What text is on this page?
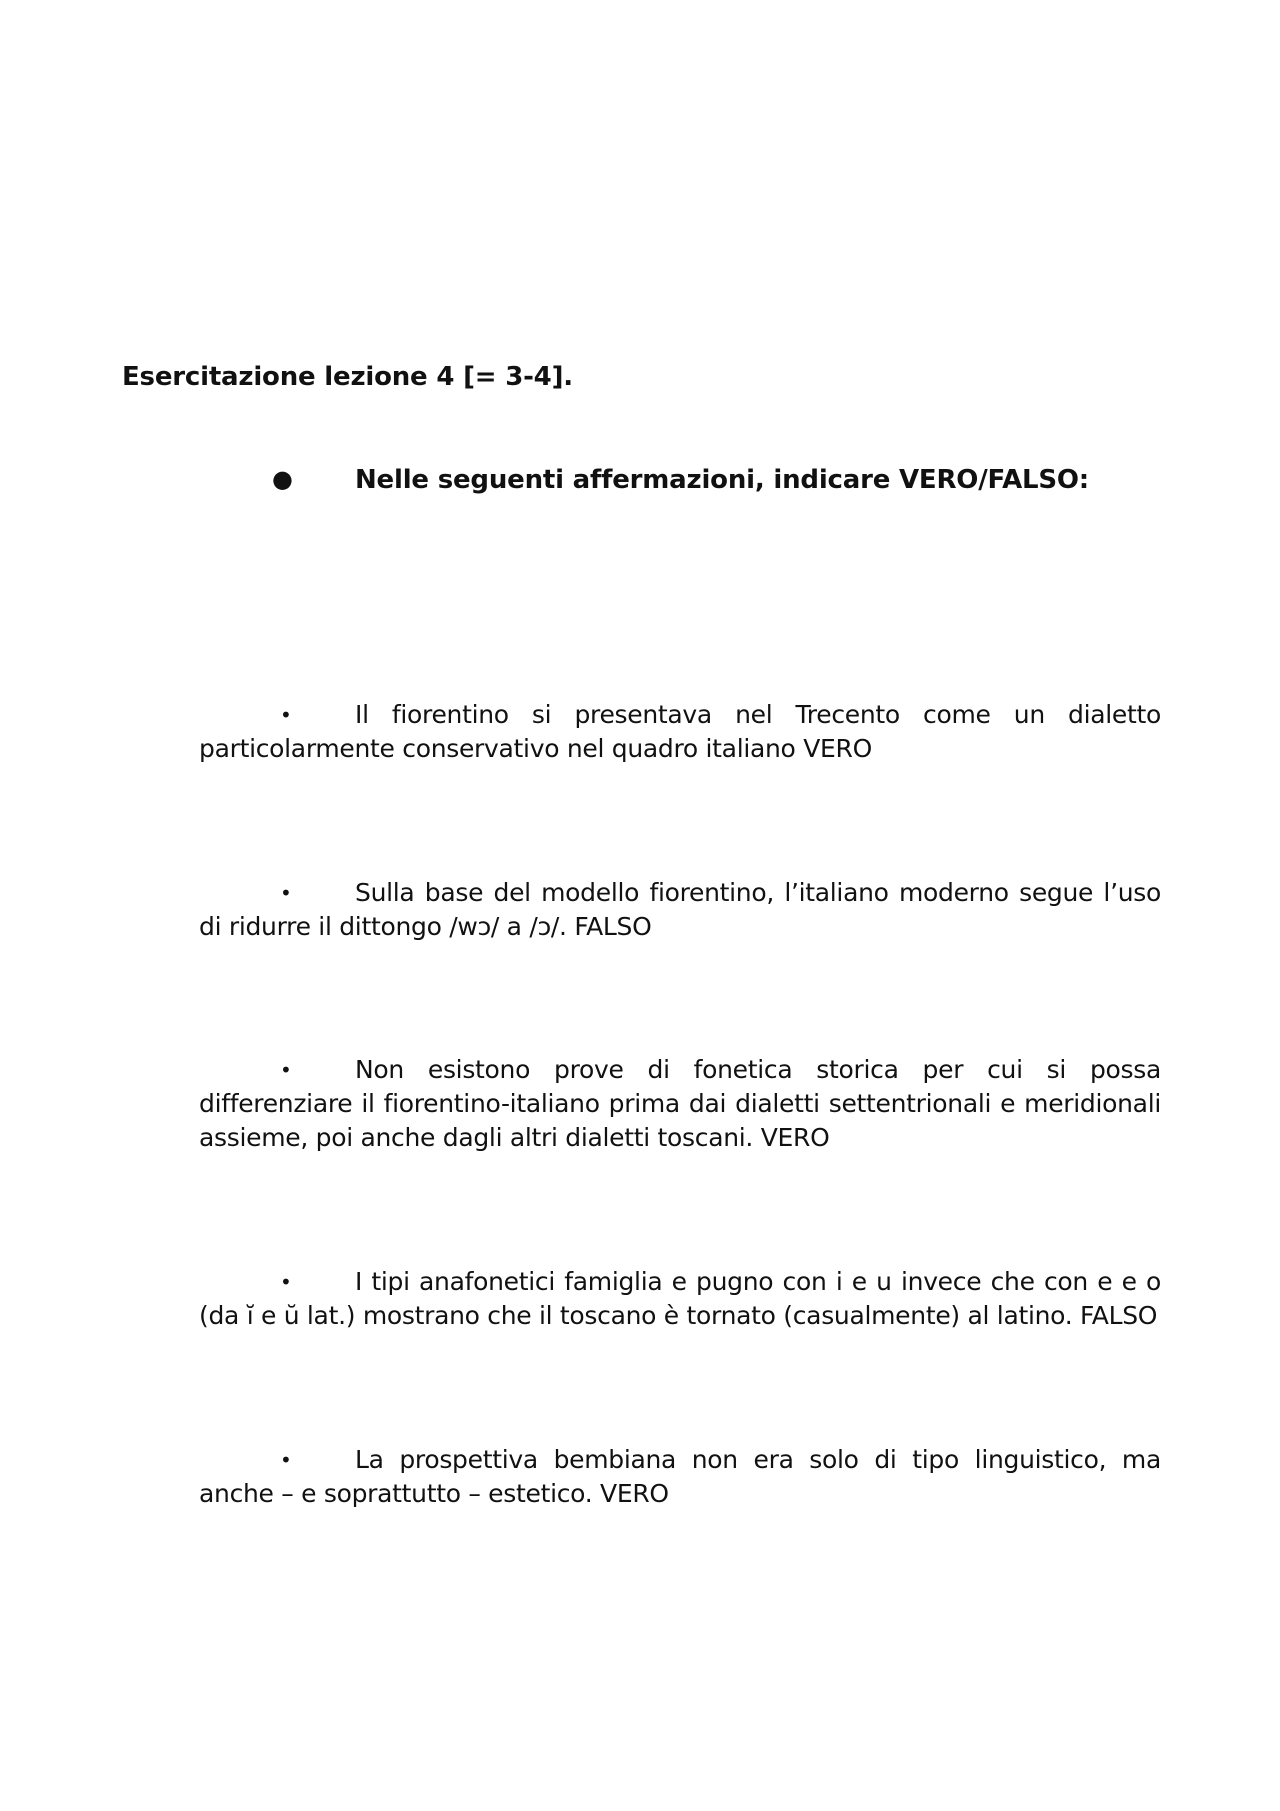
Esercitazione lezione 4 [= 3-4].
● Nelle seguenti affermazioni, indicare VERO/FALSO:
•	Il fiorentino si presentava nel Trecento come un dialetto particolarmente conservativo nel quadro italiano VERO
•	Sulla base del modello fiorentino, l’italiano moderno segue l’uso di ridurre il dittongo /wɔ/ a /ɔ/. FALSO
•	Non esistono prove di fonetica storica per cui si possa differenziare il fiorentino-italiano prima dai dialetti settentrionali e meridionali assieme, poi anche dagli altri dialetti toscani. VERO
•	I tipi anafonetici famiglia e pugno con i e u invece che con e e o (da ĭ e ŭ lat.) mostrano che il toscano è tornato (casualmente) al latino. FALSO
•	La prospettiva bembiana non era solo di tipo linguistico, ma anche – e soprattutto – estetico. VERO
